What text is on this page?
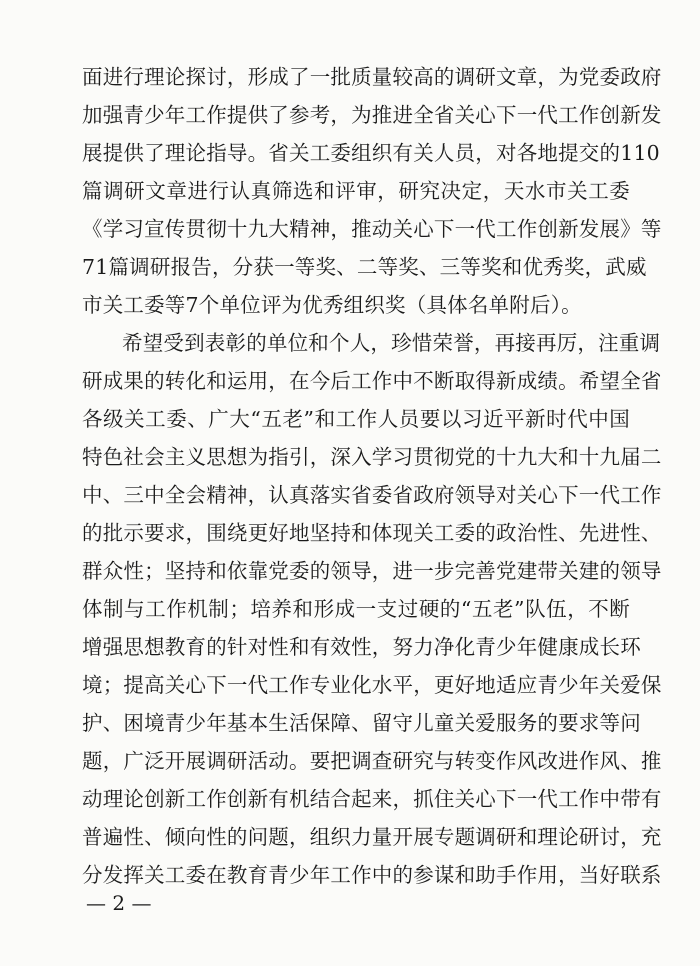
面进行理论探讨，形成了一批质量较高的调研文章，为党委政府
加强青少年工作提供了参考，为推进全省关心下一代工作创新发
展提供了理论指导。省关工委组织有关人员，对各地提交的110
篇调研文章进行认真筛选和评审，研究决定，天水市关工委
《学习宣传贯彻十九大精神，推动关心下一代工作创新发展》等
71篇调研报告，分获一等奖、二等奖、三等奖和优秀奖，武威
市关工委等7个单位评为优秀组织奖（具体名单附后）。
希望受到表彰的单位和个人，珍惜荣誉，再接再厉，注重调
研成果的转化和运用，在今后工作中不断取得新成绩。希望全省
各级关工委、广大“五老”和工作人员要以习近平新时代中国
特色社会主义思想为指引，深入学习贯彻党的十九大和十九届二
中、三中全会精神，认真落实省委省政府领导对关心下一代工作
的批示要求，围绕更好地坚持和体现关工委的政治性、先进性、
群众性；坚持和依靠党委的领导，进一步完善党建带关建的领导
体制与工作机制；培养和形成一支过硬的“五老”队伍，不断
增强思想教育的针对性和有效性，努力净化青少年健康成长环
境；提高关心下一代工作专业化水平，更好地适应青少年关爱保
护、困境青少年基本生活保障、留守儿童关爱服务的要求等问
题，广泛开展调研活动。要把调查研究与转变作风改进作风、推
动理论创新工作创新有机结合起来，抓住关心下一代工作中带有
普遍性、倾向性的问题，组织力量开展专题调研和理论研讨，充
分发挥关工委在教育青少年工作中的参谋和助手作用，当好联系
— 2 —
